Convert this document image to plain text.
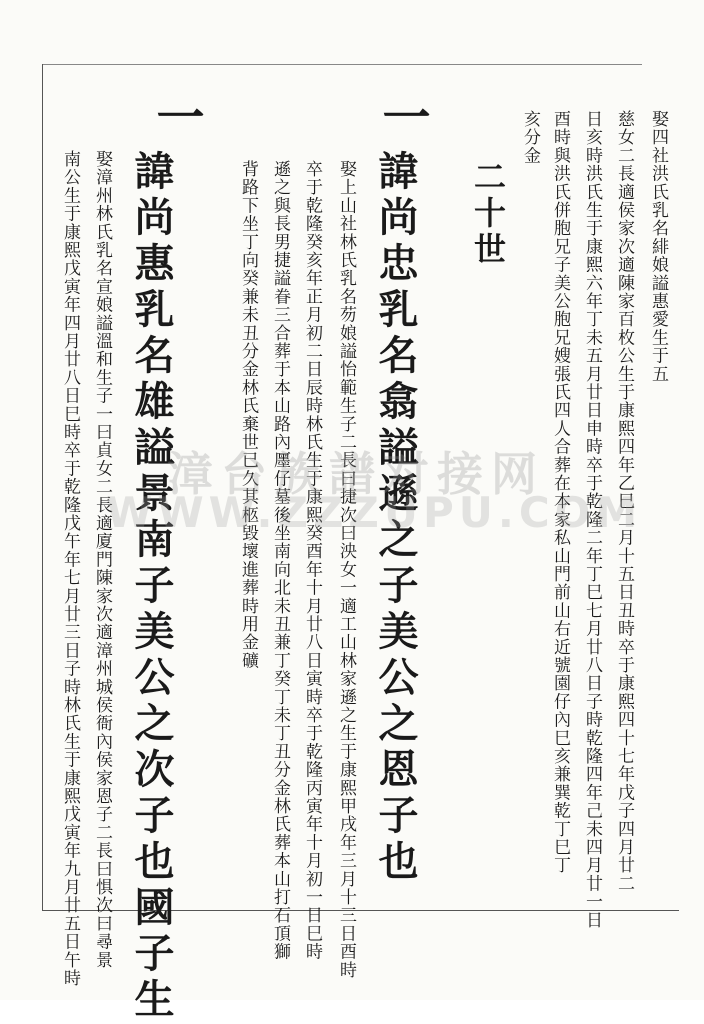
娶四社洪氏乳名緋娘謚惠愛生于五
慈女二長適侯家次適陳家百枚公生于康熙四年乙巳二月十五日丑時卒于康熙四十七年戊子四月廿二
日亥時洪氏生于康熙六年丁未五月廿日申時卒于乾隆二年丁巳七月廿八日子時乾隆四年己未四月廿一日
酉時與洪氏併胞兄子美公胞兄嫂張氏四人合葬在本家私山門前山右近號園仔內巳亥兼巽乾丁巳丁
亥分金
二十世
一
諱尚忠乳名翕謚遜之子美公之恩子也
娶上山社林氏乳名芴娘謚怡範生子二長曰捷次曰泱女一適工山林家遜之生于康熙甲戌年三月十三日酉時
卒于乾隆癸亥年正月初二日辰時林氏生于康熙癸酉年十月廿八日寅時卒于乾隆丙寅年十月初一日巳時
遜之與長男捷謚眷三合葬于本山路內㕓仔墓後坐南向北未丑兼丁癸丁未丁丑分金林氏葬本山打石頂獅
背路下坐丁向癸兼未丑分金林氏棄世已久其柩毀壞進葬時用金礦
一
諱尚惠乳名雄謚景南子美公之次子也國子生
娶漳州林氏乳名宣娘謚溫和生子一曰貞女二長適廈門陳家次適漳州城侯衙內侯家恩子二長曰惧次曰尋景
南公生于康熙戊寅年四月廿八日巳時卒于乾隆戊午年七月廿三日子時林氏生于康熙戊寅年九月廿五日午時	漳台族譜对接网
WWW.ZZZUPU.COM
